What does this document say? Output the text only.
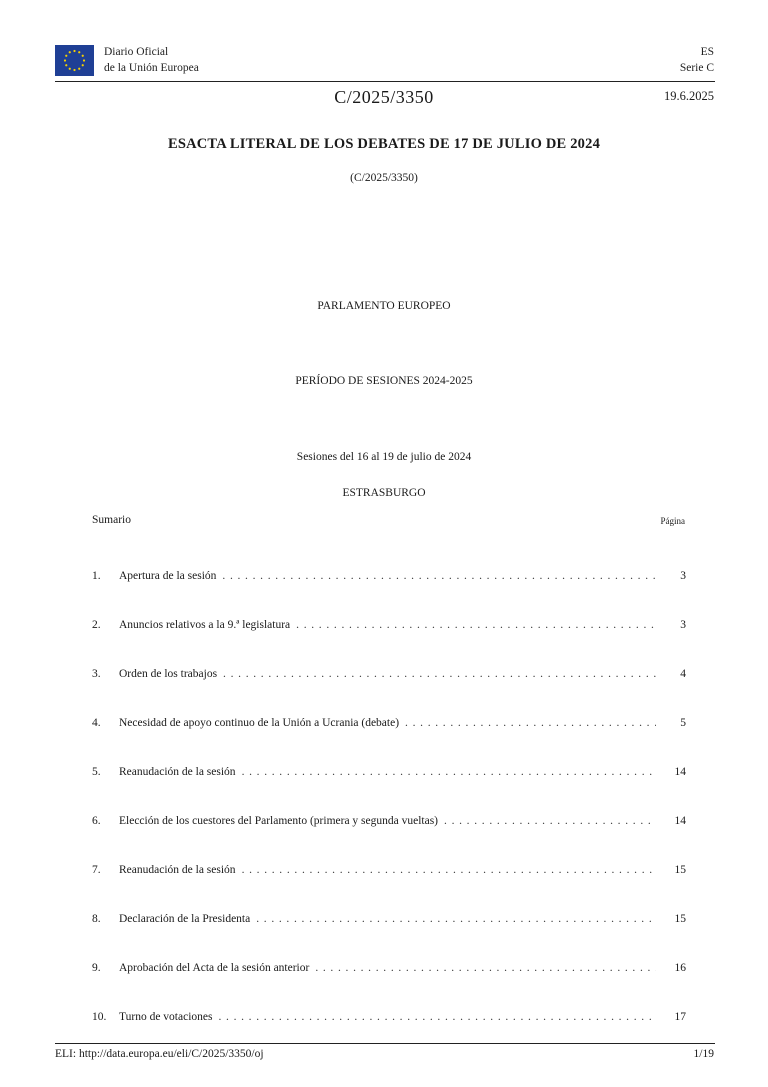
Diario Oficial
de la Unión Europea
ES
Serie C
C/2025/3350	19.6.2025
ESACTA LITERAL DE LOS DEBATES DE 17 DE JULIO DE 2024
(C/2025/3350)
PARLAMENTO EUROPEO
PERÍODO DE SESIONES 2024-2025
Sesiones del 16 al 19 de julio de 2024
ESTRASBURGO
Sumario	Página
1.	Apertura de la sesión . . .	3
2.	Anuncios relativos a la 9.ª legislatura . . .	3
3.	Orden de los trabajos . . .	4
4.	Necesidad de apoyo continuo de la Unión a Ucrania (debate) . . .	5
5.	Reanudación de la sesión . . .	14
6.	Elección de los cuestores del Parlamento (primera y segunda vueltas) . . .	14
7.	Reanudación de la sesión . . .	15
8.	Declaración de la Presidenta . . .	15
9.	Aprobación del Acta de la sesión anterior . . .	16
10.	Turno de votaciones . . .	17
ELI: http://data.europa.eu/eli/C/2025/3350/oj	1/19
